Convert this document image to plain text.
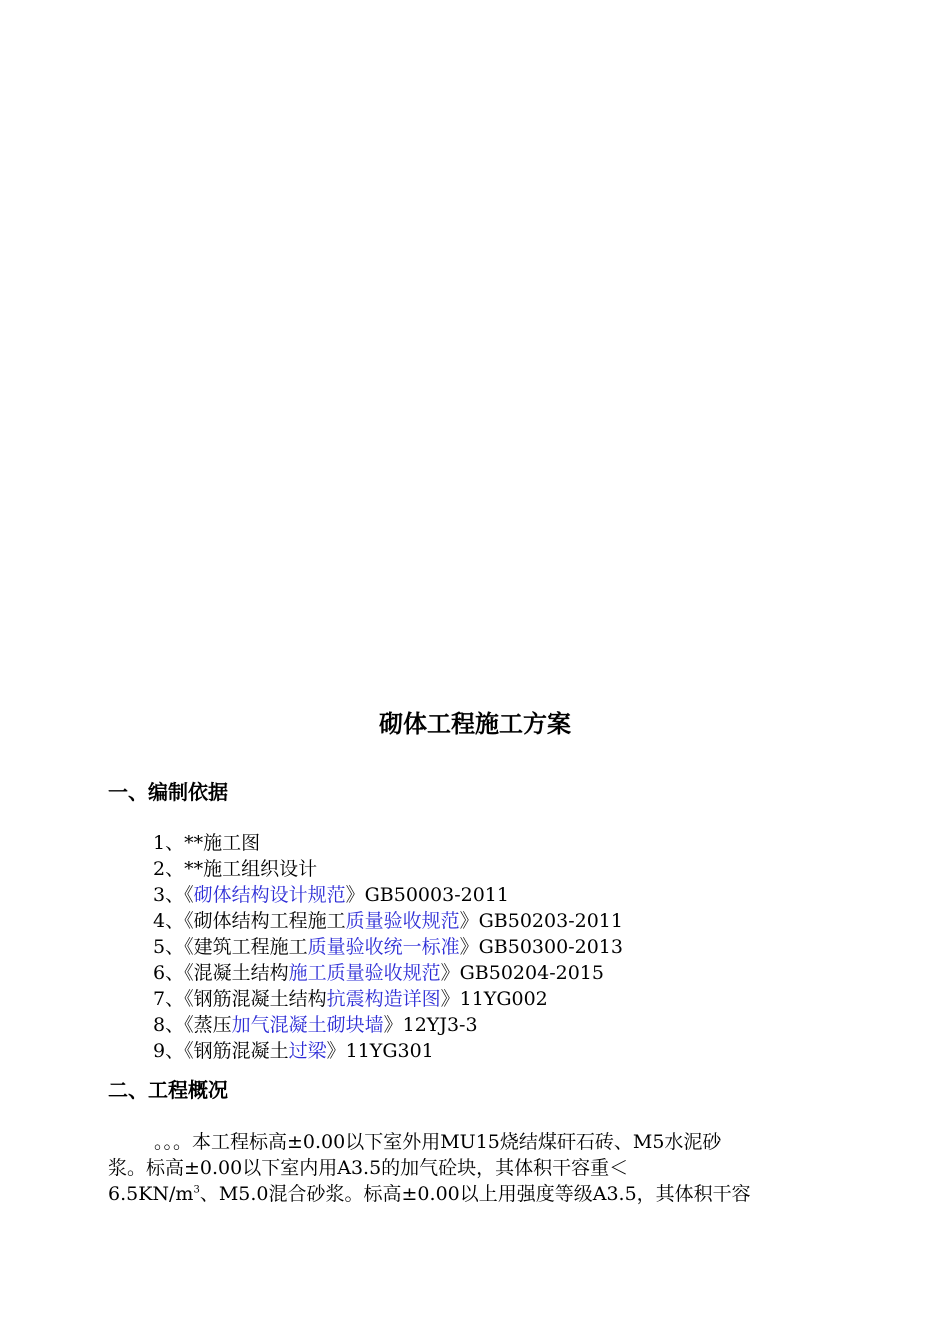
砌体工程施工方案
一、编制依据
1、**施工图
2、**施工组织设计
3、《砌体结构设计规范》GB50003-2011
4、《砌体结构工程施工质量验收规范》GB50203-2011
5、《建筑工程施工质量验收统一标准》GB50300-2013
6、《混凝土结构施工质量验收规范》GB50204-2015
7、《钢筋混凝土结构抗震构造详图》11YG002
8、《蒸压加气混凝土砌块墙》12YJ3-3
9、《钢筋混凝土过梁》11YG301
二、工程概况
。。。本工程标高±0.00以下室外用MU15烧结煤矸石砖、M5水泥砂
浆。标高±0.00以下室内用A3.5的加气砼块，其体积干容重＜
$6.5KN/m^3$、M5.0混合砂浆。标高±0.00以上用强度等级A3.5，其体积干容
